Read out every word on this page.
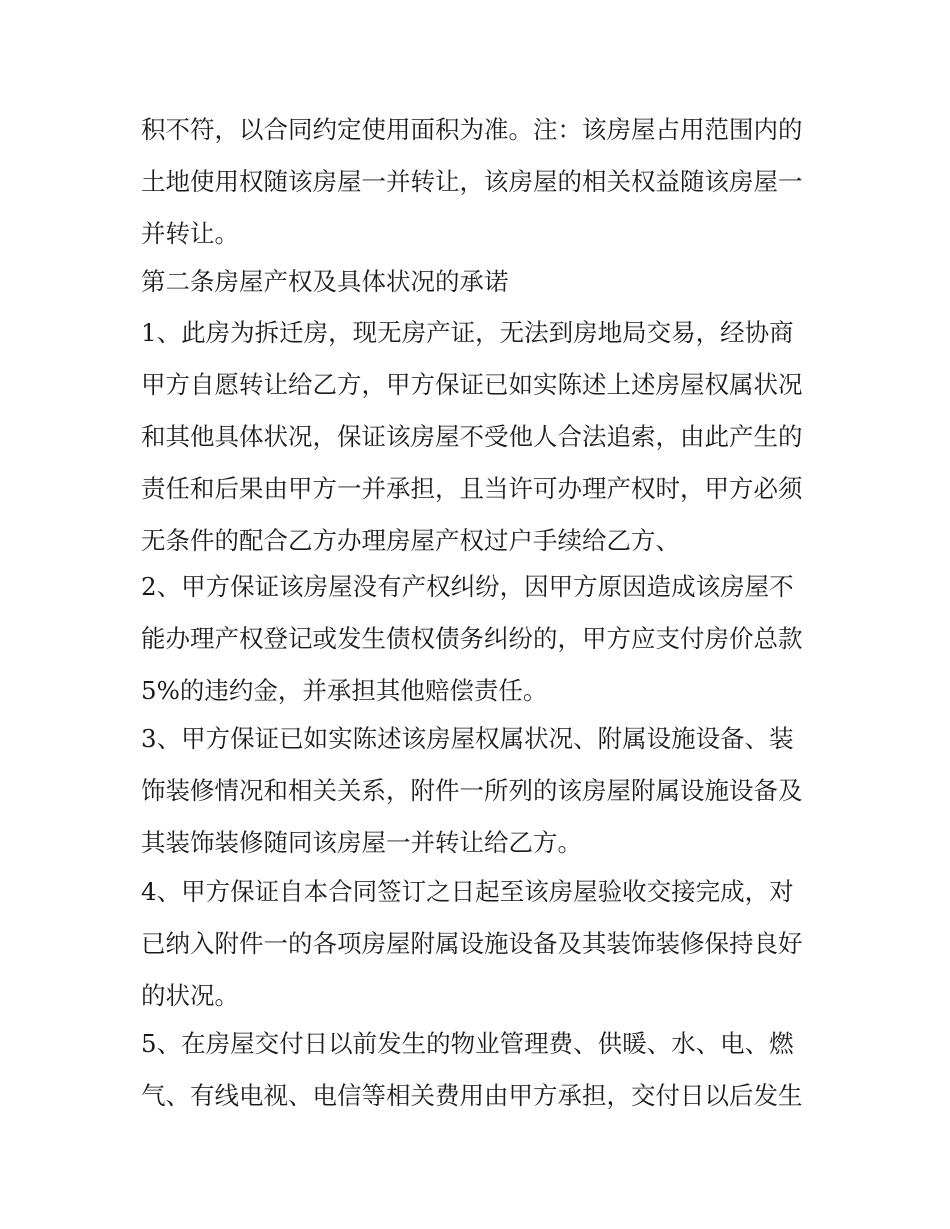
积不符，以合同约定使用面积为准。注：该房屋占用范围内的
土地使用权随该房屋一并转让，该房屋的相关权益随该房屋一
并转让。
第二条房屋产权及具体状况的承诺
1、此房为拆迁房，现无房产证，无法到房地局交易，经协商
甲方自愿转让给乙方，甲方保证已如实陈述上述房屋权属状况
和其他具体状况，保证该房屋不受他人合法追索，由此产生的
责任和后果由甲方一并承担，且当许可办理产权时，甲方必须
无条件的配合乙方办理房屋产权过户手续给乙方、
2、甲方保证该房屋没有产权纠纷，因甲方原因造成该房屋不
能办理产权登记或发生债权债务纠纷的，甲方应支付房价总款
5%的违约金，并承担其他赔偿责任。
3、甲方保证已如实陈述该房屋权属状况、附属设施设备、装
饰装修情况和相关关系，附件一所列的该房屋附属设施设备及
其装饰装修随同该房屋一并转让给乙方。
4、甲方保证自本合同签订之日起至该房屋验收交接完成，对
已纳入附件一的各项房屋附属设施设备及其装饰装修保持良好
的状况。
5、在房屋交付日以前发生的物业管理费、供暖、水、电、燃
气、有线电视、电信等相关费用由甲方承担，交付日以后发生
